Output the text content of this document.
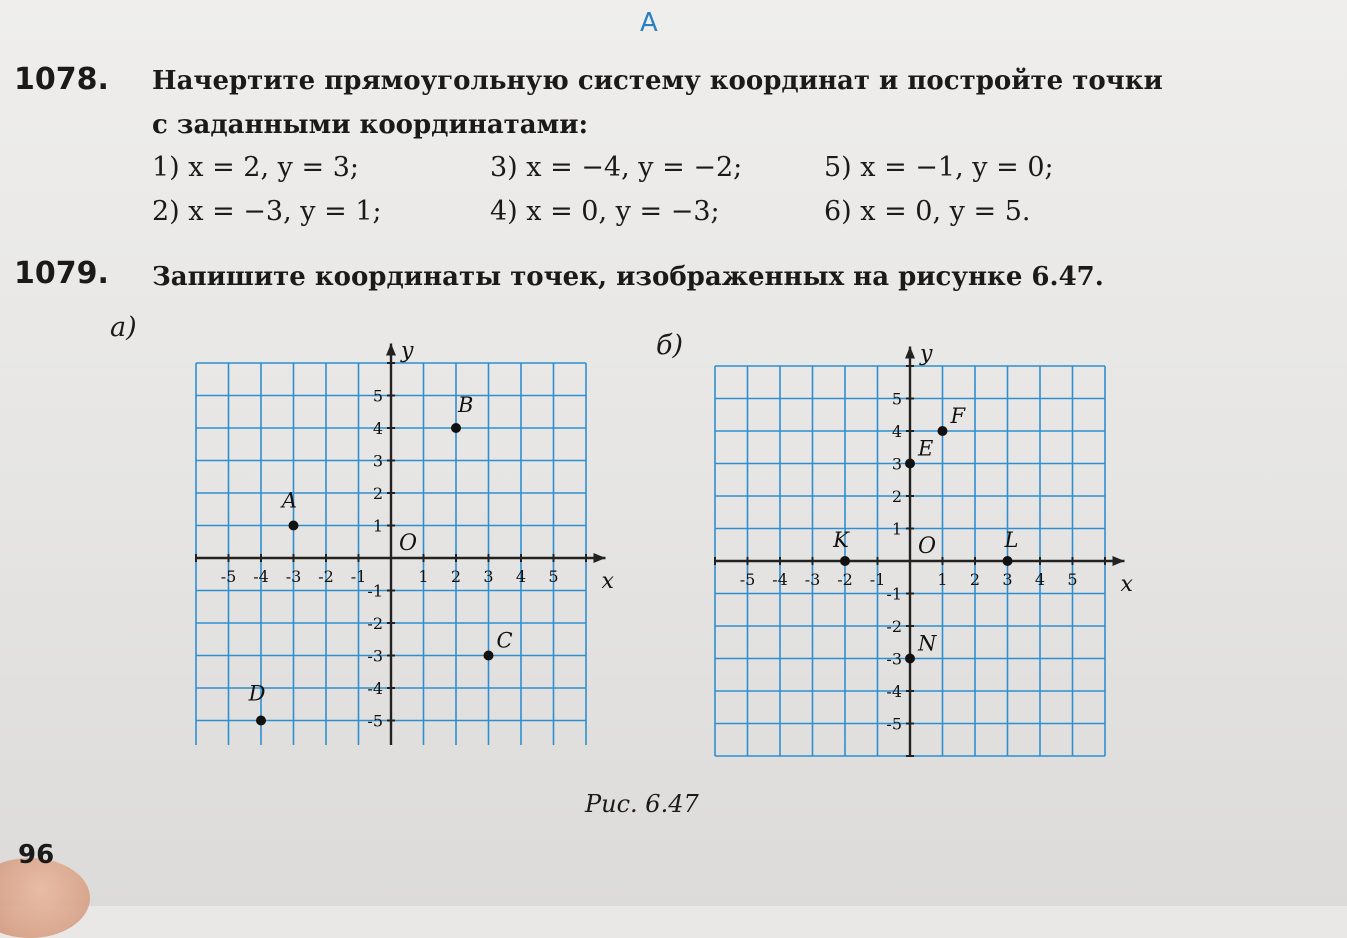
А
1078. Начертите прямоугольную систему координат и постройте точки
с заданными координатами:
1) x = 2, y = 3;	3) x = −4, y = −2;	5) x = −1, y = 0;
2) x = −3, y = 1;	4) x = 0, y = −3;	6) x = 0, y = 5.
1079. Запишите координаты точек, изображенных на рисунке 6.47.
а)
б)
-5 -4 -3 -2 -1	1 2 3 4 5
5
4
3
2
1
-1
-2
-3
-4
-5
x
y
O
A
B
C
D
-5 -4 -3 -2 -1	1 2 3 4 5
5
4
3
2
1
-1
-2
-3
-4
-5
x
y
O
F
E
K	L
N
Рис. 6.47
96
